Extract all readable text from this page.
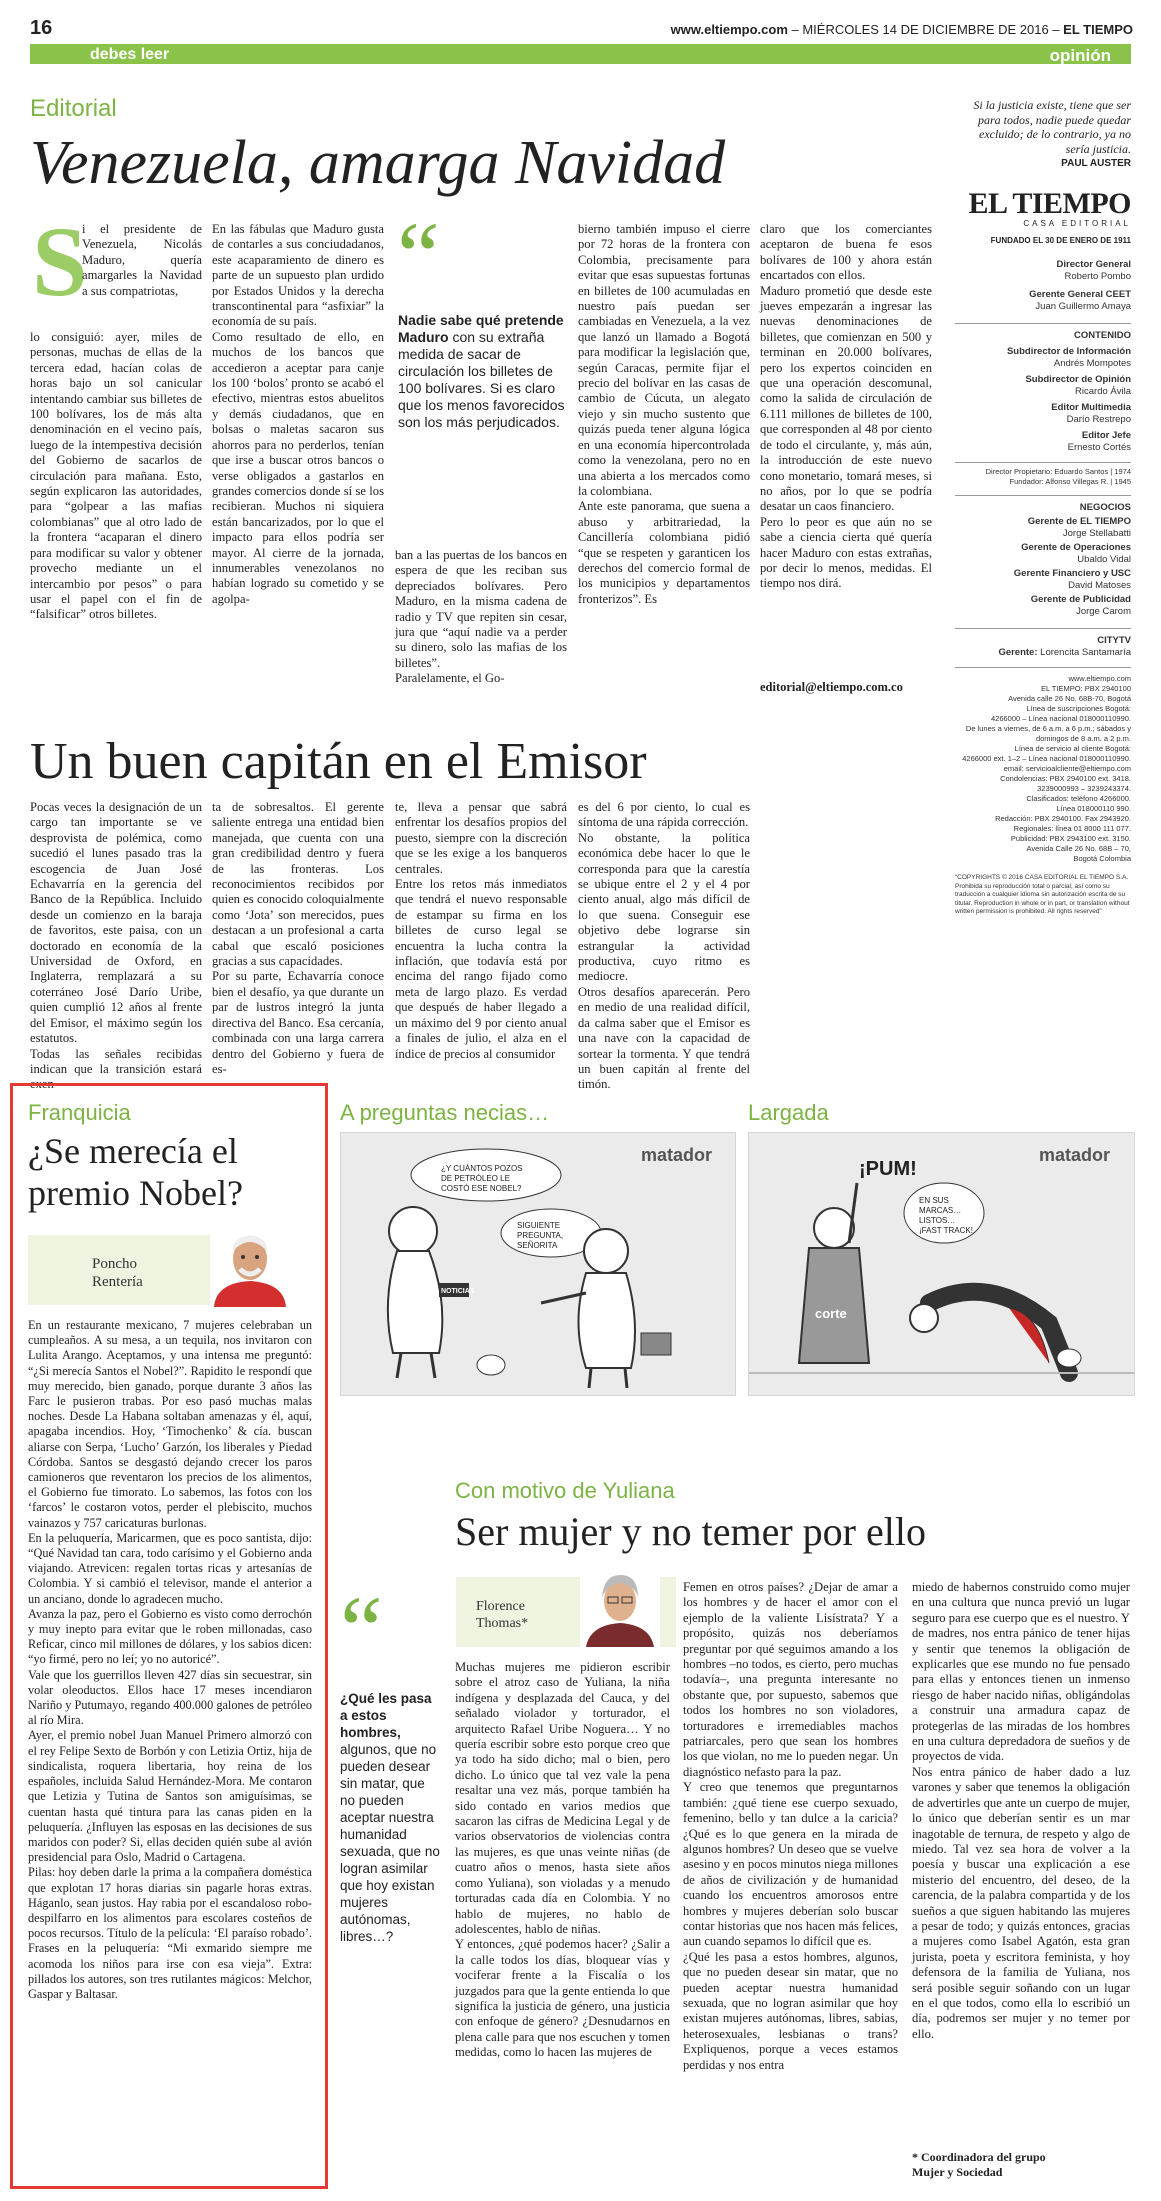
16	www.eltiempo.com – MIÉRCOLES 14 DE DICIEMBRE DE 2016 – EL TIEMPO
debes leer	opinión
Editorial
Venezuela, amarga Navidad
S
i el presidente de Venezuela, Nicolás Maduro, quería amargarles la Navidad a sus compatriotas,
lo consiguió: ayer, miles de personas, muchas de ellas de la tercera edad, hacían colas de horas bajo un sol canicular intentando cambiar sus billetes de 100 bolívares, los de más alta denominación en el vecino país, luego de la intempestiva decisión del Gobierno de sacarlos de circulación para mañana. Esto, según explicaron las autoridades, para “golpear a las mafias colombianas” que al otro lado de la frontera “acaparan el dinero para modificar su valor y obtener provecho mediante un el intercambio por pesos” o para usar el papel con el fin de “falsificar” otros billetes.
En las fábulas que Maduro gusta de contarles a sus conciudadanos, este acaparamiento de dinero es parte de un supuesto plan urdido por Estados Unidos y la derecha transcontinental para “asfixiar” la economía de su país.
Como resultado de ello, en muchos de los bancos que accedieron a aceptar para canje los 100 ‘bolos’ pronto se acabó el efectivo, mientras estos abuelitos y demás ciudadanos, que en bolsas o maletas sacaron sus ahorros para no perderlos, tenían que irse a buscar otros bancos o verse obligados a gastarlos en grandes comercios donde sí se los recibieran. Muchos ni siquiera están bancarizados, por lo que el impacto para ellos podría ser mayor. Al cierre de la jornada, innumerables venezolanos no habían logrado su cometido y se agolpa-
“
Nadie sabe qué pretende Maduro con su extraña medida de sacar de circulación los billetes de 100 bolívares. Si es claro que los menos favorecidos son los más perjudicados.
ban a las puertas de los bancos en espera de que les reciban sus depreciados bolívares. Pero Maduro, en la misma cadena de radio y TV que repiten sin cesar, jura que “aquí nadie va a perder su dinero, solo las mafias de los billetes”.
Paralelamente, el Go-
bierno también impuso el cierre por 72 horas de la frontera con Colombia, precisamente para evitar que esas supuestas fortunas en billetes de 100 acumuladas en nuestro país puedan ser cambiadas en Venezuela, a la vez que lanzó un llamado a Bogotá para modificar la legislación que, según Caracas, permite fijar el precio del bolívar en las casas de cambio de Cúcuta, un alegato viejo y sin mucho sustento que quizás pueda tener alguna lógica en una economía hipercontrolada como la venezolana, pero no en una abierta a los mercados como la colombiana.
Ante este panorama, que suena a abuso y arbitrariedad, la Cancillería colombiana pidió “que se respeten y garanticen los derechos del comercio formal de los municipios y departamentos fronterizos”. Es
claro que los comerciantes aceptaron de buena fe esos bolívares de 100 y ahora están encartados con ellos.
Maduro prometió que desde este jueves empezarán a ingresar las nuevas denominaciones de billetes, que comienzan en 500 y terminan en 20.000 bolívares, pero los expertos coinciden en que una operación descomunal, como la salida de circulación de 6.111 millones de billetes de 100, que corresponden al 48 por ciento de todo el circulante, y, más aún, la introducción de este nuevo cono monetario, tomará meses, si no años, por lo que se podría desatar un caos financiero.
Pero lo peor es que aún no se sabe a ciencia cierta qué quería hacer Maduro con estas extrañas, por decir lo menos, medidas. El tiempo nos dirá.
editorial@eltiempo.com.co
Si la justicia existe, tiene que ser para todos, nadie puede quedar excluido; de lo contrario, ya no sería justicia.
PAUL AUSTER
EL TIEMPO
CASA EDITORIAL
FUNDADO EL 30 DE ENERO DE 1911
Director General
Roberto Pombo
Gerente General CEET
Juan Guillermo Amaya
CONTENIDO
Subdirector de Información
Andrés Mompotes
Subdirector de Opinión
Ricardo Ávila
Editor Multimedia
Darío Restrepo
Editor Jefe
Ernesto Cortés
Director Propietario: Eduardo Santos | 1974
Fundador: Alfonso Villegas R. | 1945
NEGOCIOS
Gerente de EL TIEMPO
Jorge Stellabatti
Gerente de Operaciones
Ubaldo Vidal
Gerente Financiero y USC
David Matoses
Gerente de Publicidad
Jorge Carom
CITYTV
Gerente: Lorencita Santamaría
www.eltiempo.com
EL TIEMPO: PBX 2940100
Avenida calle 26 No. 68B-70, Bogotá
Línea de suscripciones Bogotá:
4266000 – Línea nacional 018000110990.
De lunes a viernes, de 6 a.m. a 6 p.m.; sábados y domingos de 8 a.m. a 2 p.m.
Línea de servicio al cliente Bogotá:
4266000 ext. 1–2 – Línea nacional 018000110990.
email: servicioalcliente@eltiempo.com
Condolencias: PBX 2940100 ext. 3418.
3239000993 – 3239243374.
Clasificados: teléfono 4266000.
Línea 018000110 990.
Redacción: PBX 2940100. Fax 2943920.
Regionales: línea 01 8000 111 077.
Publicidad: PBX 2943100 ext. 3150.
Avenida Calle 26 No. 68B – 70,
Bogotá Colombia
“COPYRIGHTS © 2016 CASA EDITORIAL EL TIEMPO S.A. Prohibida su reproducción total o parcial, así como su traducción a cualquier idioma sin autorización escrita de su titular. Reproduction in whole or in part, or translation without written permission is prohibited. All rights reserved”
Un buen capitán en el Emisor
Pocas veces la designación de un cargo tan importante se ve desprovista de polémica, como sucedió el lunes pasado tras la escogencia de Juan José Echavarría en la gerencia del Banco de la República. Incluido desde un comienzo en la baraja de favoritos, este paisa, con un doctorado en economía de la Universidad de Oxford, en Inglaterra, remplazará a su coterráneo José Darío Uribe, quien cumplió 12 años al frente del Emisor, el máximo según los estatutos.
Todas las señales recibidas indican que la transición estará exen-
ta de sobresaltos. El gerente saliente entrega una entidad bien manejada, que cuenta con una gran credibilidad dentro y fuera de las fronteras. Los reconocimientos recibidos por quien es conocido coloquialmente como ‘Jota’ son merecidos, pues destacan a un profesional a carta cabal que escaló posiciones gracias a sus capacidades.
Por su parte, Echavarría conoce bien el desafío, ya que durante un par de lustros integró la junta directiva del Banco. Esa cercanía, combinada con una larga carrera dentro del Gobierno y fuera de es-
te, lleva a pensar que sabrá enfrentar los desafíos propios del puesto, siempre con la discreción que se les exige a los banqueros centrales.
Entre los retos más inmediatos que tendrá el nuevo responsable de estampar su firma en los billetes de curso legal se encuentra la lucha contra la inflación, que todavía está por encima del rango fijado como meta de largo plazo. Es verdad que después de haber llegado a un máximo del 9 por ciento anual a finales de julio, el alza en el índice de precios al consumidor
es del 6 por ciento, lo cual es síntoma de una rápida corrección.
No obstante, la política económica debe hacer lo que le corresponda para que la carestía se ubique entre el 2 y el 4 por ciento anual, algo más difícil de lo que suena. Conseguir ese objetivo debe lograrse sin estrangular la actividad productiva, cuyo ritmo es mediocre.
Otros desafíos aparecerán. Pero en medio de una realidad difícil, da calma saber que el Emisor es una nave con la capacidad de sortear la tormenta. Y que tendrá un buen capitán al frente del timón.
Franquicia
¿Se merecía el premio Nobel?
Poncho
Rentería
En un restaurante mexicano, 7 mujeres celebraban un cumpleaños. A su mesa, a un tequila, nos invitaron con Lulita Arango. Aceptamos, y una intensa me preguntó: “¿Si merecía Santos el Nobel?”. Rapidito le respondí que muy merecido, bien ganado, porque durante 3 años las Farc le pusieron trabas. Por eso pasó muchas malas noches. Desde La Habana soltaban amenazas y él, aquí, apagaba incendios. Hoy, ‘Timochenko’ & cía. buscan aliarse con Serpa, ‘Lucho’ Garzón, los liberales y Piedad Córdoba. Santos se desgastó dejando crecer los paros camioneros que reventaron los precios de los alimentos, el Gobierno fue timorato. Lo sabemos, las fotos con los ‘farcos’ le costaron votos, perder el plebiscito, muchos vainazos y 757 caricaturas burlonas.
En la peluquería, Maricarmen, que es poco santista, dijo: “Qué Navidad tan cara, todo carísimo y el Gobierno anda viajando. Atrevicen: regalen tortas ricas y artesanías de Colombia. Y si cambió el televisor, mande el anterior a un anciano, donde lo agradecen mucho.
Avanza la paz, pero el Gobierno es visto como derrochón y muy inepto para evitar que le roben millonadas, caso Reficar, cinco mil millones de dólares, y los sabios dicen: “yo firmé, pero no leí; yo no autoricé”.
Vale que los guerrillos lleven 427 días sin secuestrar, sin volar oleoductos. Ellos hace 17 meses incendiaron Nariño y Putumayo, regando 400.000 galones de petróleo al río Mira.
Ayer, el premio nobel Juan Manuel Primero almorzó con el rey Felipe Sexto de Borbón y con Letizia Ortiz, hija de sindicalista, roquera libertaria, hoy reina de los españoles, incluida Salud Hernández-Mora. Me contaron que Letizia y Tutina de Santos son amiguísimas, se cuentan hasta qué tintura para las canas piden en la peluquería. ¿Influyen las esposas en las decisiones de sus maridos con poder? Si, ellas deciden quién sube al avión presidencial para Oslo, Madrid o Cartagena.
Pilas: hoy deben darle la prima a la compañera doméstica que explotan 17 horas diarias sin pagarle horas extras. Háganlo, sean justos. Hay rabia por el escandaloso robo-despilfarro en los alimentos para escolares costeños de pocos recursos. Título de la película: ‘El paraíso robado’. Frases en la peluquería: “Mi exmarido siempre me acomoda los niños para irse con esa vieja”. Extra: pillados los autores, son tres rutilantes mágicos: Melchor, Gaspar y Baltasar.
A preguntas necias…
matador
¿Y CUÁNTOS POZOS
DE PETRÓLEO LE
COSTÓ ESE NOBEL?
SIGUIENTE
PREGUNTA,
SEÑORITA
NOTICIAS
Largada
matador
¡PUM!
EN SUS
MARCAS…
LISTOS…
¡FAST TRACK!
corte
Con motivo de Yuliana
Ser mujer y no temer por ello
Florence
Thomas*
“
¿Qué les pasa a estos hombres, algunos, que no pueden desear sin matar, que no pueden aceptar nuestra humanidad sexuada, que no logran asimilar que hoy existan mujeres autónomas, libres…?
Muchas mujeres me pidieron escribir sobre el atroz caso de Yuliana, la niña indígena y desplazada del Cauca, y del señalado violador y torturador, el arquitecto Rafael Uribe Noguera… Y no quería escribir sobre esto porque creo que ya todo ha sido dicho; mal o bien, pero dicho. Lo único que tal vez vale la pena resaltar una vez más, porque también ha sido contado en varios medios que sacaron las cifras de Medicina Legal y de varios observatorios de violencias contra las mujeres, es que unas veinte niñas (de cuatro años o menos, hasta siete años como Yuliana), son violadas y a menudo torturadas cada día en Colombia. Y no hablo de mujeres, no hablo de adolescentes, hablo de niñas.
Y entonces, ¿qué podemos hacer? ¿Salir a la calle todos los días, bloquear vías y vociferar frente a la Fiscalía o los juzgados para que la gente entienda lo que significa la justicia de género, una justicia con enfoque de género? ¿Desnudarnos en plena calle para que nos escuchen y tomen medidas, como lo hacen las mujeres de
Femen en otros países? ¿Dejar de amar a los hombres y de hacer el amor con el ejemplo de la valiente Lisístrata? Y a propósito, quizás nos deberíamos preguntar por qué seguimos amando a los hombres –no todos, es cierto, pero muchas todavía–, una pregunta interesante no obstante que, por supuesto, sabemos que todos los hombres no son violadores, torturadores e irremediables machos patriarcales, pero que sean los hombres los que violan, no me lo pueden negar. Un diagnóstico nefasto para la paz.
Y creo que tenemos que preguntarnos también: ¿qué tiene ese cuerpo sexuado, femenino, bello y tan dulce a la caricia? ¿Qué es lo que genera en la mirada de algunos hombres? Un deseo que se vuelve asesino y en pocos minutos niega millones de años de civilización y de humanidad cuando los encuentros amorosos entre hombres y mujeres deberían solo buscar contar historias que nos hacen más felices, aun cuando sepamos lo difícil que es.
¿Qué les pasa a estos hombres, algunos, que no pueden desear sin matar, que no pueden aceptar nuestra humanidad sexuada, que no logran asimilar que hoy existan mujeres autónomas, libres, sabias, heterosexuales, lesbianas o trans? Expliquenos, porque a veces estamos perdidas y nos entra
miedo de habernos construido como mujer en una cultura que nunca previó un lugar seguro para ese cuerpo que es el nuestro. Y de madres, nos entra pánico de tener hijas y sentir que tenemos la obligación de explicarles que ese mundo no fue pensado para ellas y entonces tienen un inmenso riesgo de haber nacido niñas, obligándolas a construir una armadura capaz de protegerlas de las miradas de los hombres en una cultura depredadora de sueños y de proyectos de vida.
Nos entra pánico de haber dado a luz varones y saber que tenemos la obligación de advertirles que ante un cuerpo de mujer, lo único que deberían sentir es un mar inagotable de ternura, de respeto y algo de miedo. Tal vez sea hora de volver a la poesía y buscar una explicación a ese misterio del encuentro, del deseo, de la carencia, de la palabra compartida y de los sueños a que siguen habitando las mujeres a pesar de todo; y quizás entonces, gracias a mujeres como Isabel Agatón, esta gran jurista, poeta y escritora feminista, y hoy defensora de la familia de Yuliana, nos será posible seguir soñando con un lugar en el que todos, como ella lo escribió un día, podremos ser mujer y no temer por ello.
* Coordinadora del grupo
Mujer y Sociedad
